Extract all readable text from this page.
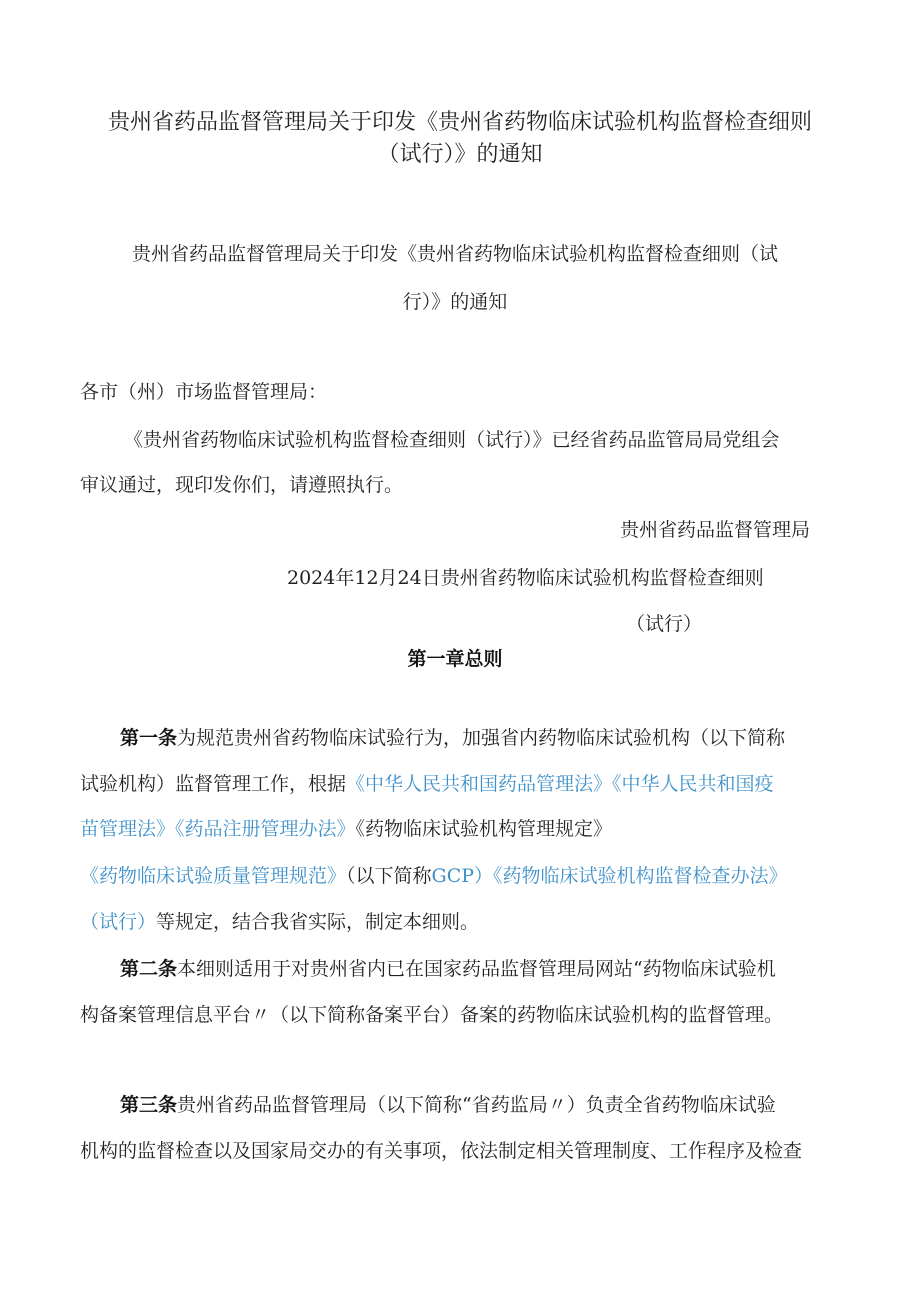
贵州省药品监督管理局关于印发《贵州省药物临床试验机构监督检查细则
（试行）》的通知
贵州省药品监督管理局关于印发《贵州省药物临床试验机构监督检查细则（试
行）》的通知
各市（州）市场监督管理局：
《贵州省药物临床试验机构监督检查细则（试行）》已经省药品监管局局党组会
审议通过，现印发你们，请遵照执行。
贵州省药品监督管理局
2024年12月24日贵州省药物临床试验机构监督检查细则
（试行）
第一章总则
第一条为规范贵州省药物临床试验行为，加强省内药物临床试验机构（以下简称
试验机构）监督管理工作，根据《中华人民共和国药品管理法》《中华人民共和国疫
苗管理法》《药品注册管理办法》《药物临床试验机构管理规定》
《药物临床试验质量管理规范》（以下简称GCP）《药物临床试验机构监督检查办法》
（试行）等规定，结合我省实际，制定本细则。
第二条本细则适用于对贵州省内已在国家药品监督管理局网站“药物临床试验机
构备案管理信息平台〃（以下简称备案平台）备案的药物临床试验机构的监督管理。
第三条贵州省药品监督管理局（以下简称“省药监局〃）负责全省药物临床试验
机构的监督检查以及国家局交办的有关事项，依法制定相关管理制度、工作程序及检查
